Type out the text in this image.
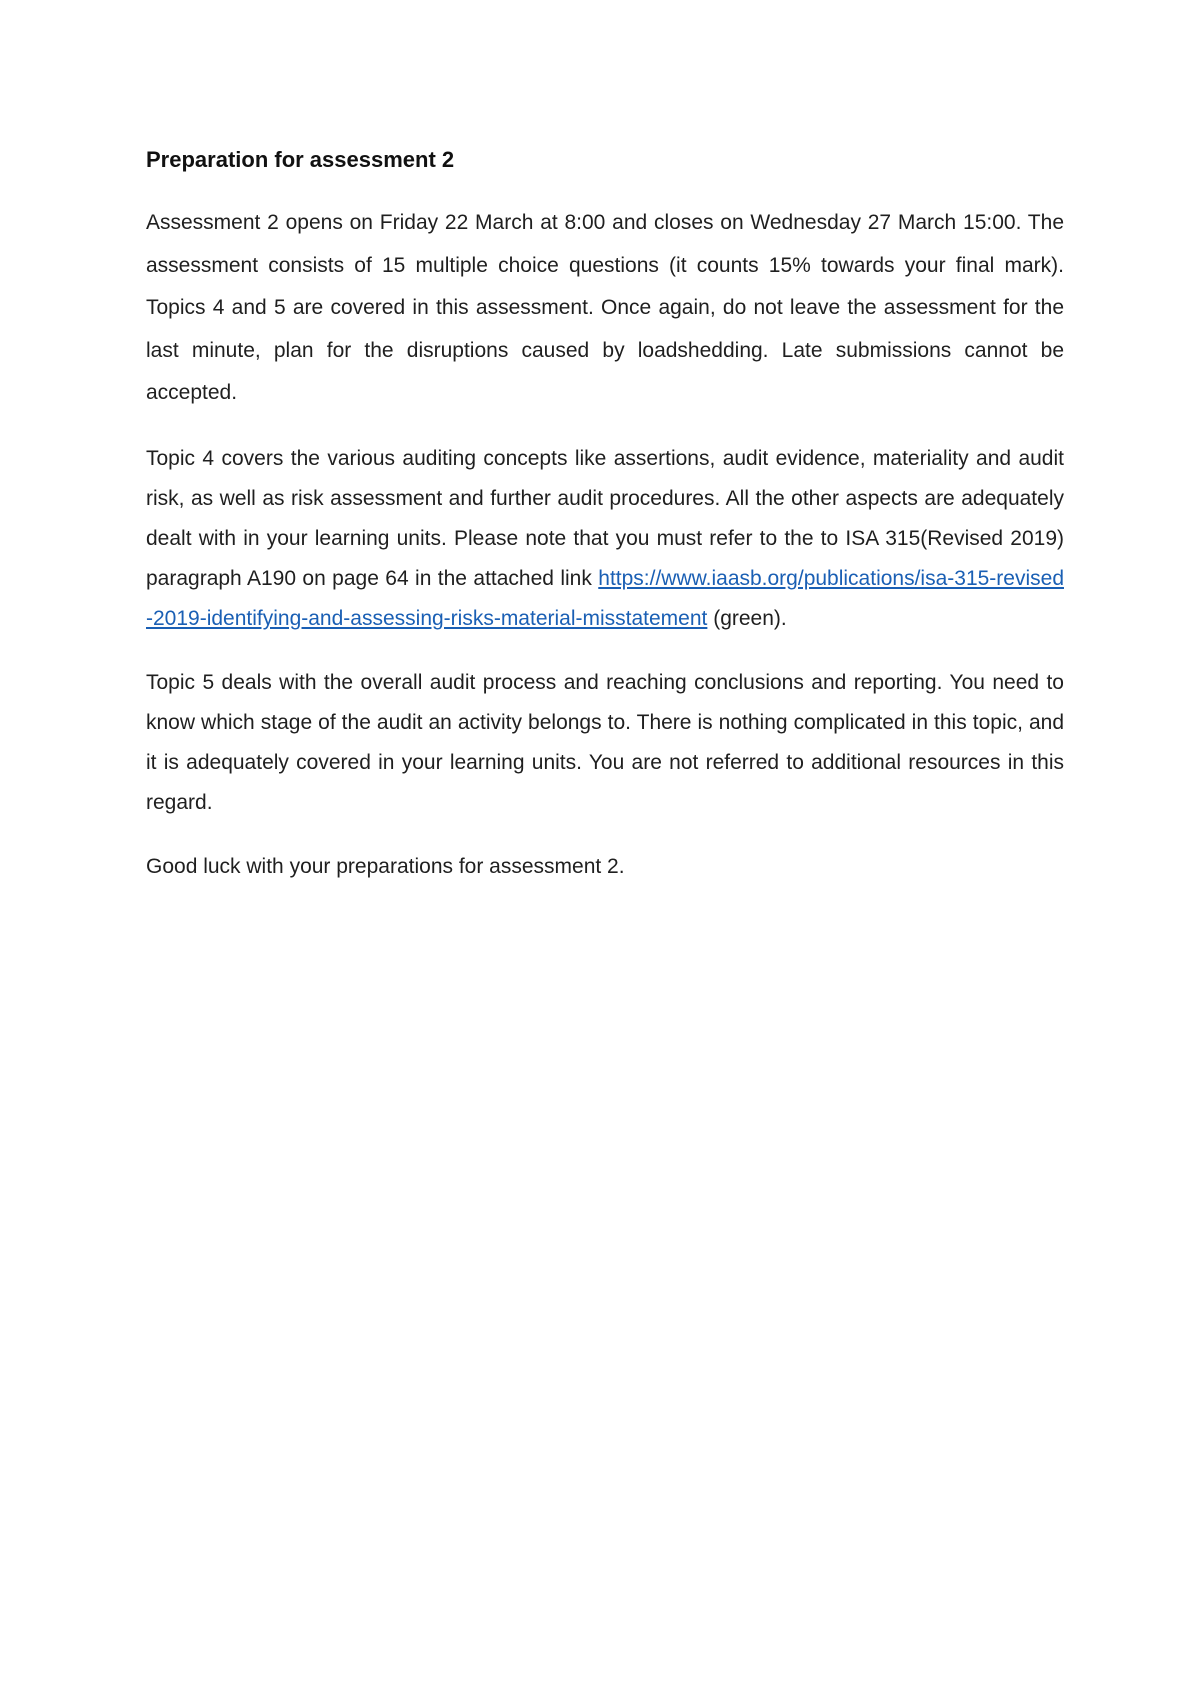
Preparation for assessment 2

Assessment 2 opens on Friday 22 March at 8:00 and closes on Wednesday 27 March 15:00. The assessment consists of 15 multiple choice questions (it counts 15% towards your final mark). Topics 4 and 5 are covered in this assessment. Once again, do not leave the assessment for the last minute, plan for the disruptions caused by loadshedding. Late submissions cannot be accepted.

Topic 4 covers the various auditing concepts like assertions, audit evidence, materiality and audit risk, as well as risk assessment and further audit procedures. All the other aspects are adequately dealt with in your learning units. Please note that you must refer to the to ISA 315(Revised 2019) paragraph A190 on page 64 in the attached link https://www.iaasb.org/publications/isa-315-revised-2019-identifying-and-assessing-risks-material-misstatement (green).

Topic 5 deals with the overall audit process and reaching conclusions and reporting. You need to know which stage of the audit an activity belongs to. There is nothing complicated in this topic, and it is adequately covered in your learning units. You are not referred to additional resources in this regard.

Good luck with your preparations for assessment 2.
